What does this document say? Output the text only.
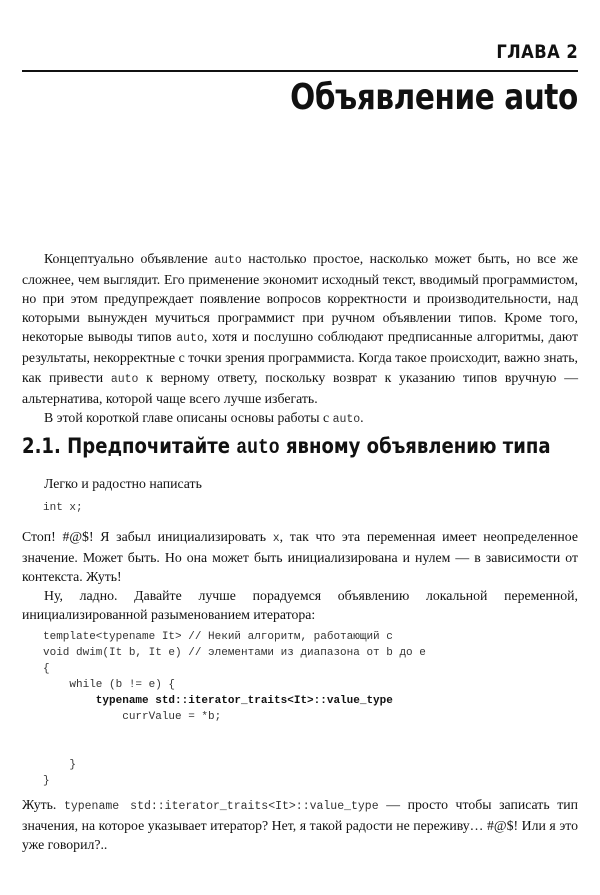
ГЛАВА 2
Объявление auto

Концептуально объявление auto настолько простое, насколько может быть, но все же сложнее, чем выглядит. Его применение экономит исходный текст, вводимый программистом, но при этом предупреждает появление вопросов корректности и производительности, над которыми вынужден мучиться программист при ручном объявлении типов. Кроме того, некоторые выводы типов auto, хотя и послушно соблюдают предписанные алгоритмы, дают результаты, некорректные с точки зрения программиста. Когда такое происходит, важно знать, как привести auto к верному ответу, поскольку возврат к указанию типов вручную — альтернатива, которой чаще всего лучше избегать.

В этой короткой главе описаны основы работы с auto.

2.1. Предпочитайте auto явному объявлению типа

Легко и радостно написать

int x;

Стоп! #@$! Я забыл инициализировать x, так что эта переменная имеет неопределенное значение. Может быть. Но она может быть инициализирована и нулем — в зависимости от контекста. Жуть!

Ну, ладно. Давайте лучше порадуемся объявлению локальной переменной, инициализированной разыменованием итератора:

template<typename It> // Некий алгоритм, работающий с
void dwim(It b, It e) // элементами из диапазона от b до e
{
while (b != e) {
typename std::iterator_traits<It>::value_type
currValue = *b;
}
}

Жуть. typename std::iterator_traits<It>::value_type — просто чтобы записать тип значения, на которое указывает итератор? Нет, я такой радости не переживу… #@$! Или я это уже говорил?..
